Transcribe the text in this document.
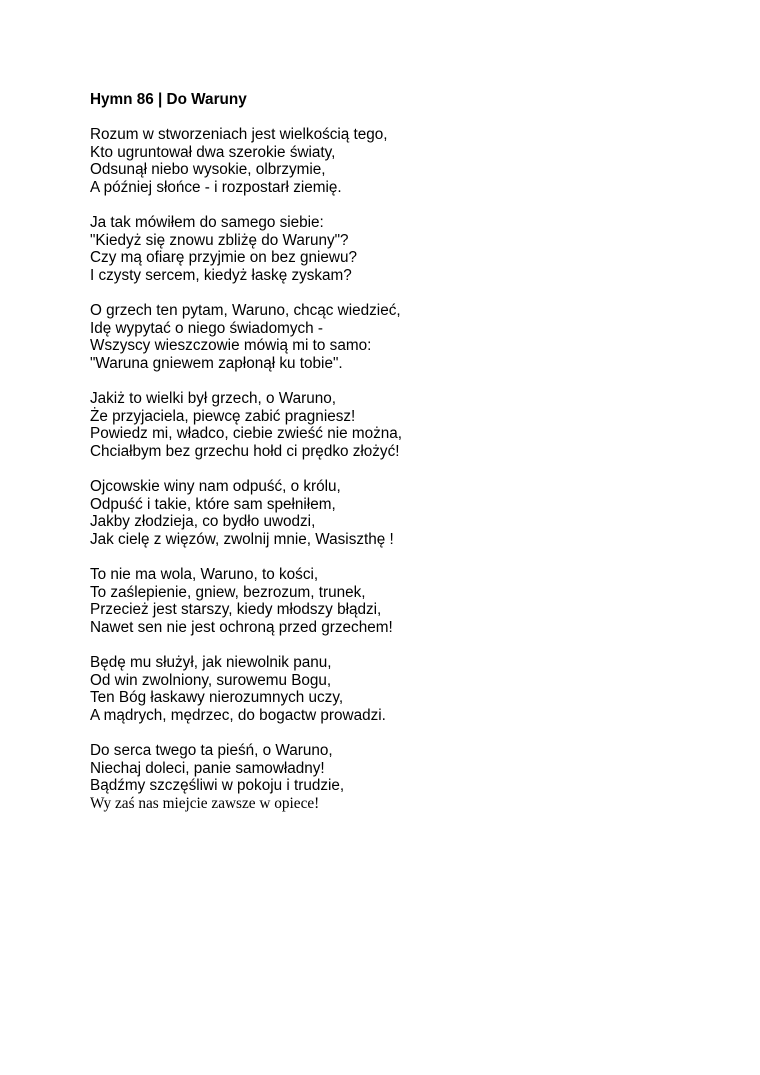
Hymn 86 | Do Waruny
Rozum w stworzeniach jest wielkością tego,
Kto ugruntował dwa szerokie światy,
Odsunął niebo wysokie, olbrzymie,
A później słońce - i rozpostarł ziemię.
Ja tak mówiłem do samego siebie:
"Kiedyż się znowu zbliżę do Waruny"?
Czy mą ofiarę przyjmie on bez gniewu?
I czysty sercem, kiedyż łaskę zyskam?
O grzech ten pytam, Waruno, chcąc wiedzieć,
Idę wypytać o niego świadomych -
Wszyscy wieszczowie mówią mi to samo:
"Waruna gniewem zapłonął ku tobie".
Jakiż to wielki był grzech, o Waruno,
Że przyjaciela, piewcę zabić pragniesz!
Powiedz mi, władco, ciebie zwieść nie można,
Chciałbym bez grzechu hołd ci prędko złożyć!
Ojcowskie winy nam odpuść, o królu,
Odpuść i takie, które sam spełniłem,
Jakby złodzieja, co bydło uwodzi,
Jak cielę z więzów, zwolnij mnie, Wasiszthę !
To nie ma wola, Waruno, to kości,
To zaślepienie, gniew, bezrozum, trunek,
Przecież jest starszy, kiedy młodszy błądzi,
Nawet sen nie jest ochroną przed grzechem!
Będę mu służył, jak niewolnik panu,
Od win zwolniony, surowemu Bogu,
Ten Bóg łaskawy nierozumnych uczy,
A mądrych, mędrzec, do bogactw prowadzi.
Do serca twego ta pieśń, o Waruno,
Niechaj doleci, panie samowładny!
Bądźmy szczęśliwi w pokoju i trudzie,
Wy zaś nas miejcie zawsze w opiece!
